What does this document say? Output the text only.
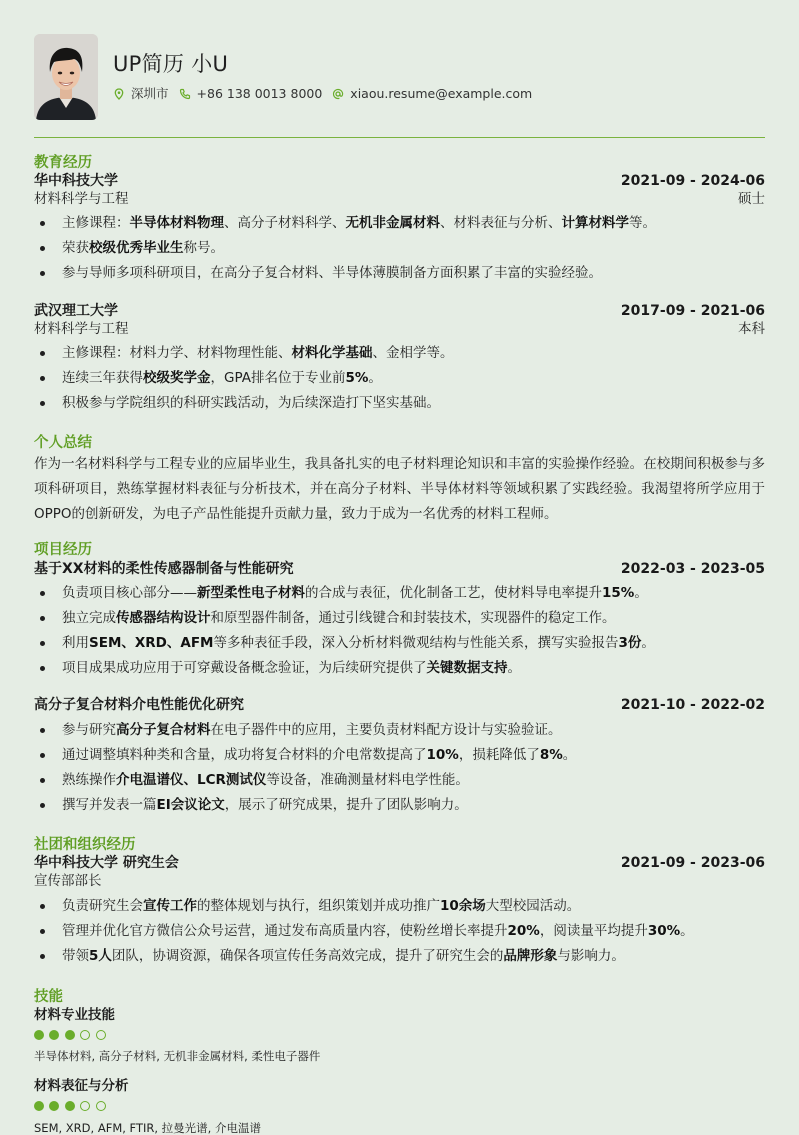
UP简历 小U
深圳市 +86 138 0013 8000 xiaou.resume@example.com
教育经历
华中科技大学	2021-09 - 2024-06
材料科学与工程	硕士
主修课程：半导体材料物理、高分子材料科学、无机非金属材料、材料表征与分析、计算材料学等。
荣获校级优秀毕业生称号。
参与导师多项科研项目，在高分子复合材料、半导体薄膜制备方面积累了丰富的实验经验。
武汉理工大学	2017-09 - 2021-06
材料科学与工程	本科
主修课程：材料力学、材料物理性能、材料化学基础、金相学等。
连续三年获得校级奖学金，GPA排名位于专业前5%。
积极参与学院组织的科研实践活动，为后续深造打下坚实基础。
个人总结
作为一名材料科学与工程专业的应届毕业生，我具备扎实的电子材料理论知识和丰富的实验操作经验。在校期间积极参与多项科研项目，熟练掌握材料表征与分析技术，并在高分子材料、半导体材料等领域积累了实践经验。我渴望将所学应用于OPPO的创新研发，为电子产品性能提升贡献力量，致力于成为一名优秀的材料工程师。
项目经历
基于XX材料的柔性传感器制备与性能研究	2022-03 - 2023-05
负责项目核心部分——新型柔性电子材料的合成与表征，优化制备工艺，使材料导电率提升15%。
独立完成传感器结构设计和原型器件制备，通过引线键合和封装技术，实现器件的稳定工作。
利用SEM、XRD、AFM等多种表征手段，深入分析材料微观结构与性能关系，撰写实验报告3份。
项目成果成功应用于可穿戴设备概念验证，为后续研究提供了关键数据支持。
高分子复合材料介电性能优化研究	2021-10 - 2022-02
参与研究高分子复合材料在电子器件中的应用，主要负责材料配方设计与实验验证。
通过调整填料种类和含量，成功将复合材料的介电常数提高了10%，损耗降低了8%。
熟练操作介电温谱仪、LCR测试仪等设备，准确测量材料电学性能。
撰写并发表一篇EI会议论文，展示了研究成果，提升了团队影响力。
社团和组织经历
华中科技大学 研究生会	2021-09 - 2023-06
宣传部部长
负责研究生会宣传工作的整体规划与执行，组织策划并成功推广10余场大型校园活动。
管理并优化官方微信公众号运营，通过发布高质量内容，使粉丝增长率提升20%，阅读量平均提升30%。
带领5人团队，协调资源，确保各项宣传任务高效完成，提升了研究生会的品牌形象与影响力。
技能
材料专业技能
半导体材料, 高分子材料, 无机非金属材料, 柔性电子器件
材料表征与分析
SEM, XRD, AFM, FTIR, 拉曼光谱, 介电温谱
